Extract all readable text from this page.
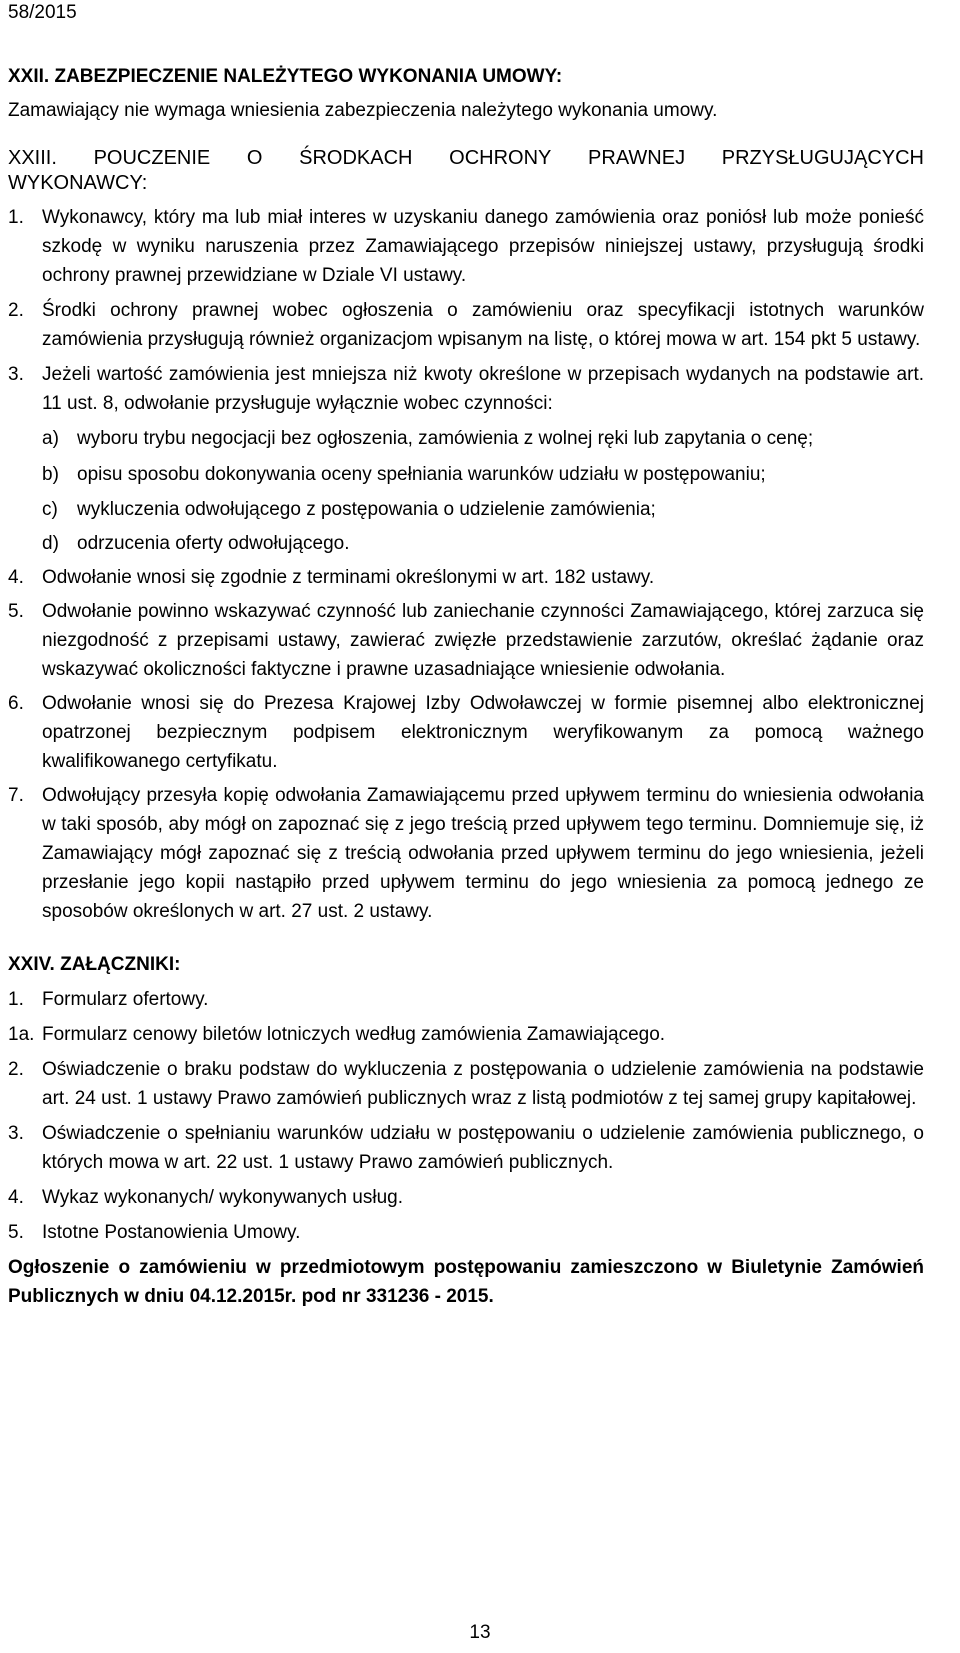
58/2015
XXII. ZABEZPIECZENIE NALEŻYTEGO WYKONANIA UMOWY:
Zamawiający nie wymaga wniesienia zabezpieczenia należytego wykonania umowy.
XXIII. POUCZENIE O ŚRODKACH OCHRONY PRAWNEJ PRZYSŁUGUJĄCYCH
WYKONAWCY:
1. Wykonawcy, który ma lub miał interes w uzyskaniu danego zamówienia oraz poniósł lub może ponieść szkodę w wyniku naruszenia przez Zamawiającego przepisów niniejszej ustawy, przysługują środki ochrony prawnej przewidziane w Dziale VI ustawy.
2. Środki ochrony prawnej wobec ogłoszenia o zamówieniu oraz specyfikacji istotnych warunków zamówienia przysługują również organizacjom wpisanym na listę, o której mowa w art. 154 pkt 5 ustawy.
3. Jeżeli wartość zamówienia jest mniejsza niż kwoty określone w przepisach wydanych na podstawie art. 11 ust. 8, odwołanie przysługuje wyłącznie wobec czynności:
a) wyboru trybu negocjacji bez ogłoszenia, zamówienia z wolnej ręki lub zapytania o cenę;
b) opisu sposobu dokonywania oceny spełniania warunków udziału w postępowaniu;
c)	wykluczenia odwołującego z postępowania o udzielenie zamówienia;
d) odrzucenia oferty odwołującego.
4. Odwołanie wnosi się zgodnie z terminami określonymi w art. 182 ustawy.
5. Odwołanie powinno wskazywać czynność lub zaniechanie czynności Zamawiającego, której zarzuca się niezgodność z przepisami ustawy, zawierać zwięzłe przedstawienie zarzutów, określać żądanie oraz wskazywać okoliczności faktyczne i prawne uzasadniające wniesienie odwołania.
6. Odwołanie wnosi się do Prezesa Krajowej Izby Odwoławczej w formie pisemnej albo elektronicznej opatrzonej bezpiecznym podpisem elektronicznym weryfikowanym za pomocą ważnego kwalifikowanego certyfikatu.
7. Odwołujący przesyła kopię odwołania Zamawiającemu przed upływem terminu do wniesienia odwołania w taki sposób, aby mógł on zapoznać się z jego treścią przed upływem tego terminu. Domniemuje się, iż Zamawiający mógł zapoznać się z treścią odwołania przed upływem terminu do jego wniesienia, jeżeli przesłanie jego kopii nastąpiło przed upływem terminu do jego wniesienia za pomocą jednego ze sposobów określonych w art. 27 ust. 2 ustawy.
XXIV. ZAŁĄCZNIKI:
1. Formularz ofertowy.
1a. Formularz cenowy biletów lotniczych według zamówienia Zamawiającego.
2. Oświadczenie o braku podstaw do wykluczenia z postępowania o udzielenie zamówienia na podstawie art. 24 ust. 1 ustawy Prawo zamówień publicznych wraz z listą podmiotów z tej samej grupy kapitałowej.
3. Oświadczenie o spełnianiu warunków udziału w postępowaniu o udzielenie zamówienia publicznego, o których mowa w art. 22 ust. 1 ustawy Prawo zamówień publicznych.
4. Wykaz wykonanych/ wykonywanych usług.
5. Istotne Postanowienia Umowy.
Ogłoszenie o zamówieniu w przedmiotowym postępowaniu zamieszczono w Biuletynie Zamówień Publicznych w dniu 04.12.2015r. pod nr 331236 - 2015.
13
